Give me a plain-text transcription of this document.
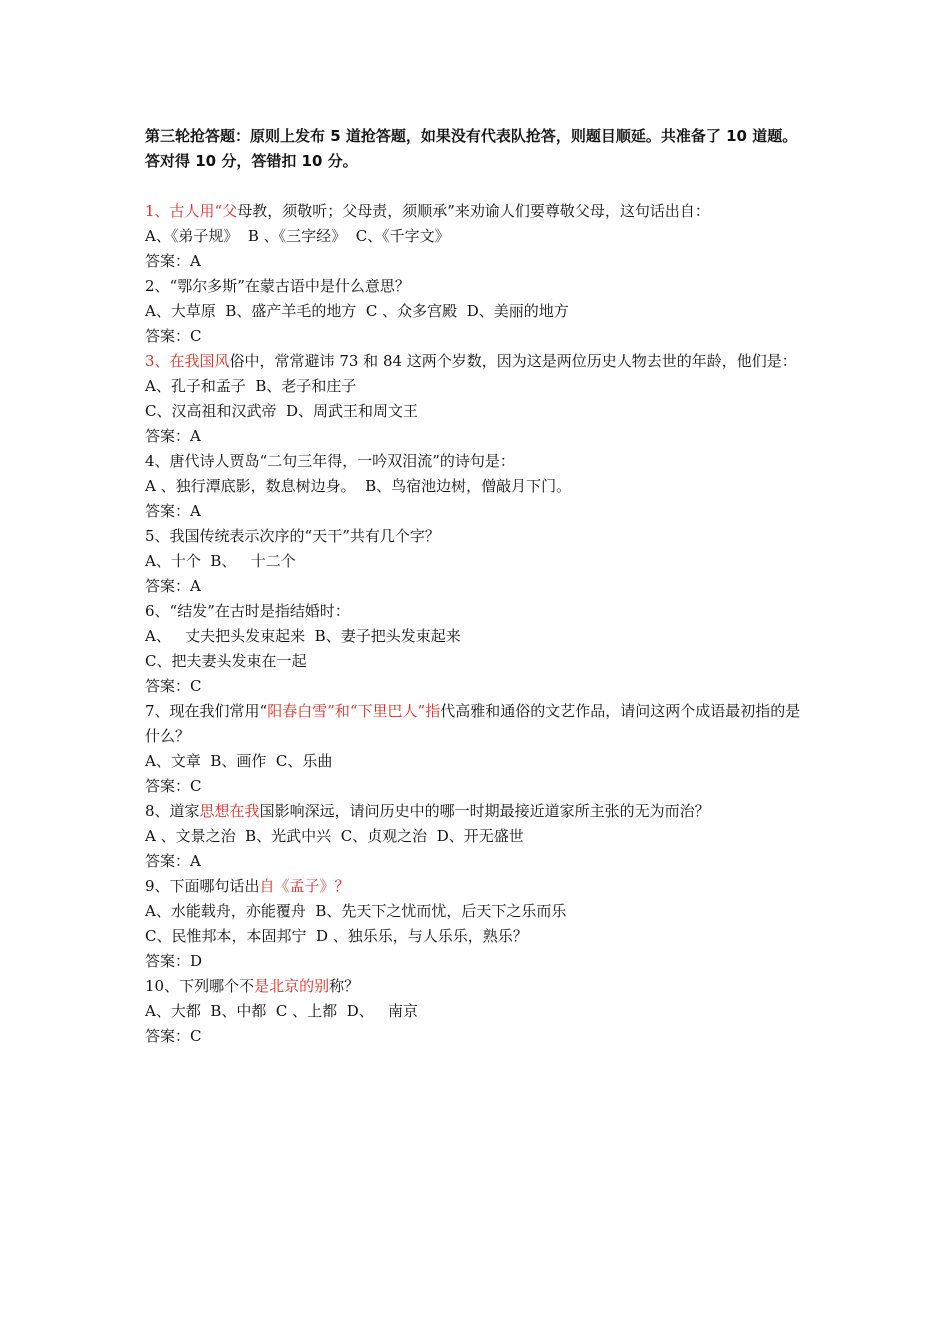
第三轮抢答题：原则上发布 5 道抢答题，如果没有代表队抢答，则题目顺延。共准备了 10 道题。

答对得 10 分，答错扣 10 分。

1、古人用“父母教，须敬听；父母责，须顺承”来劝谕人们要尊敬父母，这句话出自：

A、《弟子规》  B 、《三字经》  C、《千字文》

答案：A

2、“鄂尔多斯”在蒙古语中是什么意思？

A、大草原  B、盛产羊毛的地方  C 、众多宫殿  D、美丽的地方

答案：C

3、在我国风俗中，常常避讳 73 和 84 这两个岁数，因为这是两位历史人物去世的年龄，他们是：

A、孔子和孟子  B、老子和庄子

C、汉高祖和汉武帝  D、周武王和周文王

答案：A

4、唐代诗人贾岛“二句三年得，一吟双泪流”的诗句是：

A 、独行潭底影，数息树边身。  B、鸟宿池边树，僧敲月下门。

答案：A

5、我国传统表示次序的“天干”共有几个字？

A、十个  B、   十二个

答案：A

6、“结发”在古时是指结婚时：

A、   丈夫把头发束起来  B、妻子把头发束起来

C、把夫妻头发束在一起

答案：C

7、现在我们常用“阳春白雪”和“下里巴人”指代高雅和通俗的文艺作品，请问这两个成语最初指的是什么？

A、文章  B、画作  C、乐曲

答案：C

8、道家思想在我国影响深远，请问历史中的哪一时期最接近道家所主张的无为而治？

A 、文景之治  B、光武中兴  C、贞观之治  D、开无盛世

答案：A

9、下面哪句话出自《孟子》？

A、水能载舟，亦能覆舟  B、先天下之忧而忧，后天下之乐而乐

C、民惟邦本，本固邦宁  D 、独乐乐，与人乐乐，熟乐？

答案：D

10、下列哪个不是北京的别称？

A、大都  B、中都  C 、上都  D、   南京

答案：C
